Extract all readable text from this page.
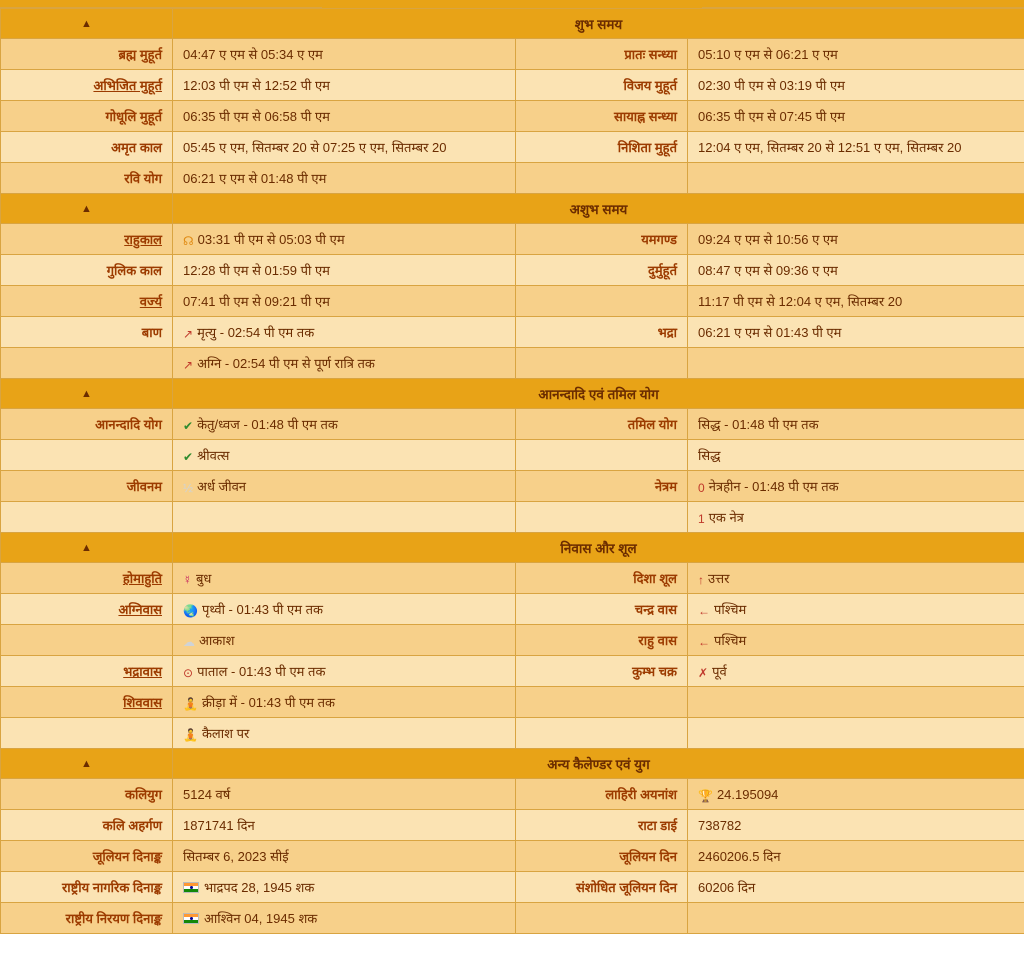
▲	शुभ समय		
ब्रह्म मुहूर्त	04:47 ए एम से 05:34 ए एम	प्रातः सन्ध्या	05:10 ए एम से 06:21 ए एम
अभिजित मुहूर्त	12:03 पी एम से 12:52 पी एम	विजय मुहूर्त	02:30 पी एम से 03:19 पी एम
गोधूलि मुहूर्त	06:35 पी एम से 06:58 पी एम	सायाह्न सन्ध्या	06:35 पी एम से 07:45 पी एम
अमृत काल	05:45 ए एम, सितम्बर 20 से 07:25 ए एम, सितम्बर 20	निशिता मुहूर्त	12:04 ए एम, सितम्बर 20 से 12:51 ए एम, सितम्बर 20
रवि योग	06:21 ए एम से 01:48 पी एम		
▲	अशुभ समय		
राहुकाल	☊ 03:31 पी एम से 05:03 पी एम	यमगण्ड	09:24 ए एम से 10:56 ए एम
गुलिक काल	12:28 पी एम से 01:59 पी एम	दुर्मुहूर्त	08:47 ए एम से 09:36 ए एम
वर्ज्य	07:41 पी एम से 09:21 पी एम		11:17 पी एम से 12:04 ए एम, सितम्बर 20
बाण	↗ मृत्यु - 02:54 पी एम तक	भद्रा	06:21 ए एम से 01:43 पी एम
	↗ अग्नि - 02:54 पी एम से पूर्ण रात्रि तक		
▲	आनन्दादि एवं तमिल योग		
आनन्दादि योग	✔ केतु/ध्वज - 01:48 पी एम तक	तमिल योग	सिद्ध - 01:48 पी एम तक
	✔ श्रीवत्स		सिद्ध
जीवनम	½ अर्ध जीवन	नेत्रम	0 नेत्रहीन - 01:48 पी एम तक
			1 एक नेत्र
▲	निवास और शूल		
होमाहुति	☿ बुध	दिशा शूल	↑ उत्तर
अग्निवास	🌏 पृथ्वी - 01:43 पी एम तक	चन्द्र वास	← पश्चिम
	☁ आकाश	राहु वास	← पश्चिम
भद्रावास	⊙ पाताल - 01:43 पी एम तक	कुम्भ चक्र	✗ पूर्व
शिववास	🧘 क्रीड़ा में - 01:43 पी एम तक		
	🧘 कैलाश पर		
▲	अन्य कैलेण्डर एवं युग		
कलियुग	5124 वर्ष	लाहिरी अयनांश	🏆 24.195094
कलि अहर्गण	1871741 दिन	राटा डाई	738782
जूलियन दिनाङ्क	सितम्बर 6, 2023 सीई	जूलियन दिन	2460206.5 दिन
राष्ट्रीय नागरिक दिनाङ्क	भाद्रपद 28, 1945 शक	संशोधित जूलियन दिन	60206 दिन
राष्ट्रीय निरयण दिनाङ्क	आश्विन 04, 1945 शक		
